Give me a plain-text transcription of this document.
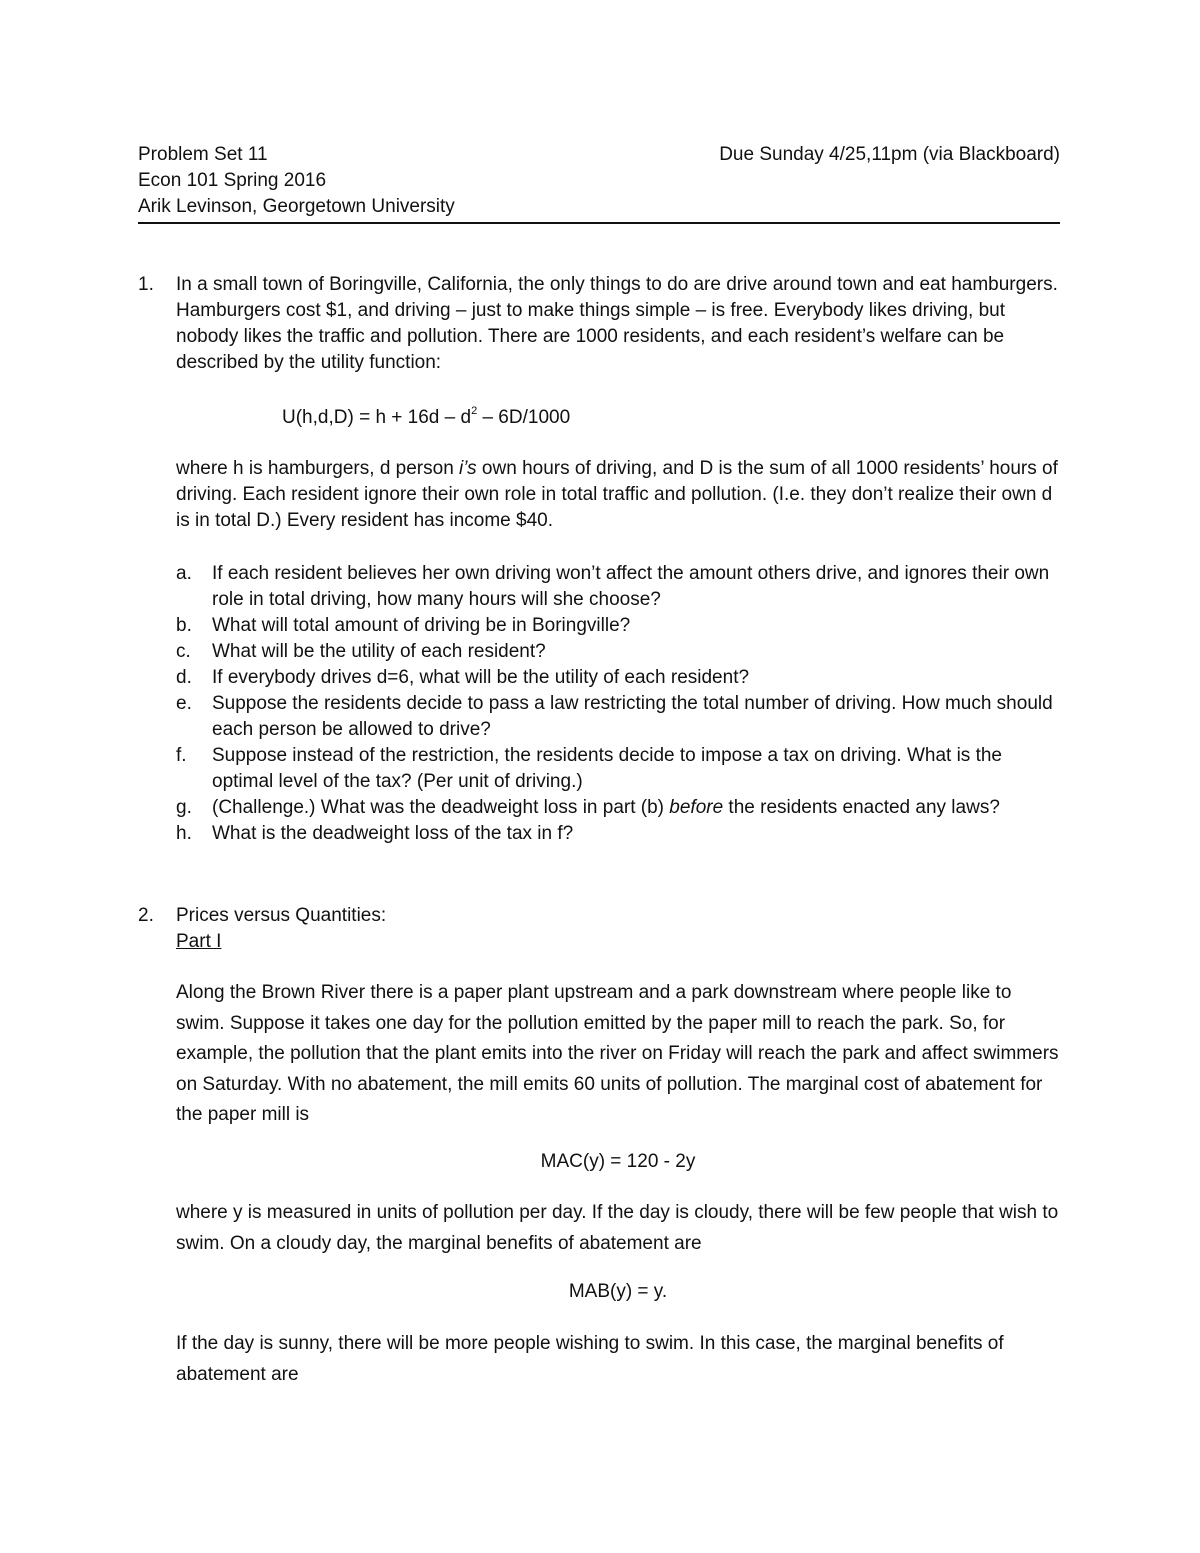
Problem Set 11	Due Sunday 4/25,11pm (via Blackboard)
Econ 101 Spring 2016
Arik Levinson, Georgetown University
1. In a small town of Boringville, California, the only things to do are drive around town and eat hamburgers. Hamburgers cost $1, and driving – just to make things simple – is free. Everybody likes driving, but nobody likes the traffic and pollution. There are 1000 residents, and each resident’s welfare can be described by the utility function:
$U(h,d,D) = h + 16d - d^2 - 6D/1000$
where h is hamburgers, d person i’s own hours of driving, and D is the sum of all 1000 residents’ hours of driving. Each resident ignore their own role in total traffic and pollution. (I.e. they don’t realize their own d is in total D.) Every resident has income $40.
a. If each resident believes her own driving won’t affect the amount others drive, and ignores their own role in total driving, how many hours will she choose?
b. What will total amount of driving be in Boringville?
c. What will be the utility of each resident?
d. If everybody drives d=6, what will be the utility of each resident?
e. Suppose the residents decide to pass a law restricting the total number of driving. How much should each person be allowed to drive?
f. Suppose instead of the restriction, the residents decide to impose a tax on driving. What is the optimal level of the tax? (Per unit of driving.)
g. (Challenge.) What was the deadweight loss in part (b) before the residents enacted any laws?
h. What is the deadweight loss of the tax in f?
2. Prices versus Quantities:
Part I
Along the Brown River there is a paper plant upstream and a park downstream where people like to swim. Suppose it takes one day for the pollution emitted by the paper mill to reach the park. So, for example, the pollution that the plant emits into the river on Friday will reach the park and affect swimmers on Saturday. With no abatement, the mill emits 60 units of pollution. The marginal cost of abatement for the paper mill is
MAC(y) = 120 - 2y
where y is measured in units of pollution per day. If the day is cloudy, there will be few people that wish to swim. On a cloudy day, the marginal benefits of abatement are
MAB(y) = y.
If the day is sunny, there will be more people wishing to swim. In this case, the marginal benefits of abatement are
